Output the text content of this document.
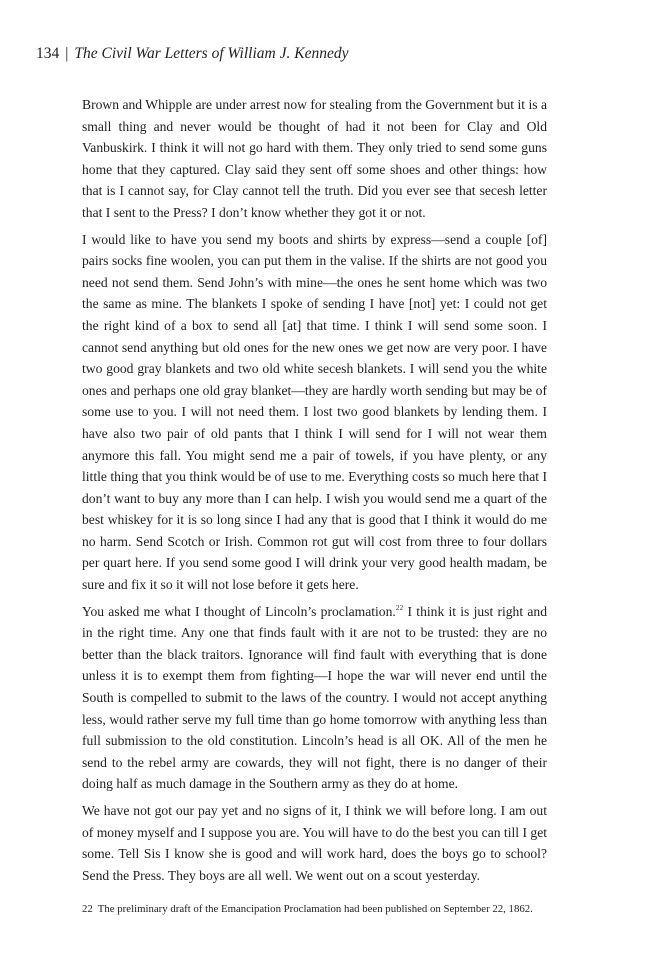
134 | The Civil War Letters of William J. Kennedy

Brown and Whipple are under arrest now for stealing from the Government but it is a small thing and never would be thought of had it not been for Clay and Old Vanbuskirk. I think it will not go hard with them. They only tried to send some guns home that they captured. Clay said they sent off some shoes and other things: how that is I cannot say, for Clay cannot tell the truth. Did you ever see that secesh letter that I sent to the Press? I don’t know whether they got it or not.

I would like to have you send my boots and shirts by express—send a couple [of] pairs socks fine woolen, you can put them in the valise. If the shirts are not good you need not send them. Send John’s with mine—the ones he sent home which was two the same as mine. The blankets I spoke of sending I have [not] yet: I could not get the right kind of a box to send all [at] that time. I think I will send some soon. I cannot send anything but old ones for the new ones we get now are very poor. I have two good gray blankets and two old white secesh blankets. I will send you the white ones and perhaps one old gray blanket—they are hardly worth sending but may be of some use to you. I will not need them. I lost two good blankets by lending them. I have also two pair of old pants that I think I will send for I will not wear them anymore this fall. You might send me a pair of towels, if you have plenty, or any little thing that you think would be of use to me. Everything costs so much here that I don’t want to buy any more than I can help. I wish you would send me a quart of the best whiskey for it is so long since I had any that is good that I think it would do me no harm. Send Scotch or Irish. Common rot gut will cost from three to four dollars per quart here. If you send some good I will drink your very good health madam, be sure and fix it so it will not lose before it gets here.

You asked me what I thought of Lincoln’s proclamation.$^{22}$ I think it is just right and in the right time. Any one that finds fault with it are not to be trusted: they are no better than the black traitors. Ignorance will find fault with everything that is done unless it is to exempt them from fighting—I hope the war will never end until the South is compelled to submit to the laws of the country. I would not accept anything less, would rather serve my full time than go home tomorrow with anything less than full submission to the old constitution. Lincoln’s head is all OK. All of the men he send to the rebel army are cowards, they will not fight, there is no danger of their doing half as much damage in the Southern army as they do at home.

We have not got our pay yet and no signs of it, I think we will before long. I am out of money myself and I suppose you are. You will have to do the best you can till I get some. Tell Sis I know she is good and will work hard, does the boys go to school? Send the Press. They boys are all well. We went out on a scout yesterday.

22 The preliminary draft of the Emancipation Proclamation had been published on September 22, 1862.
